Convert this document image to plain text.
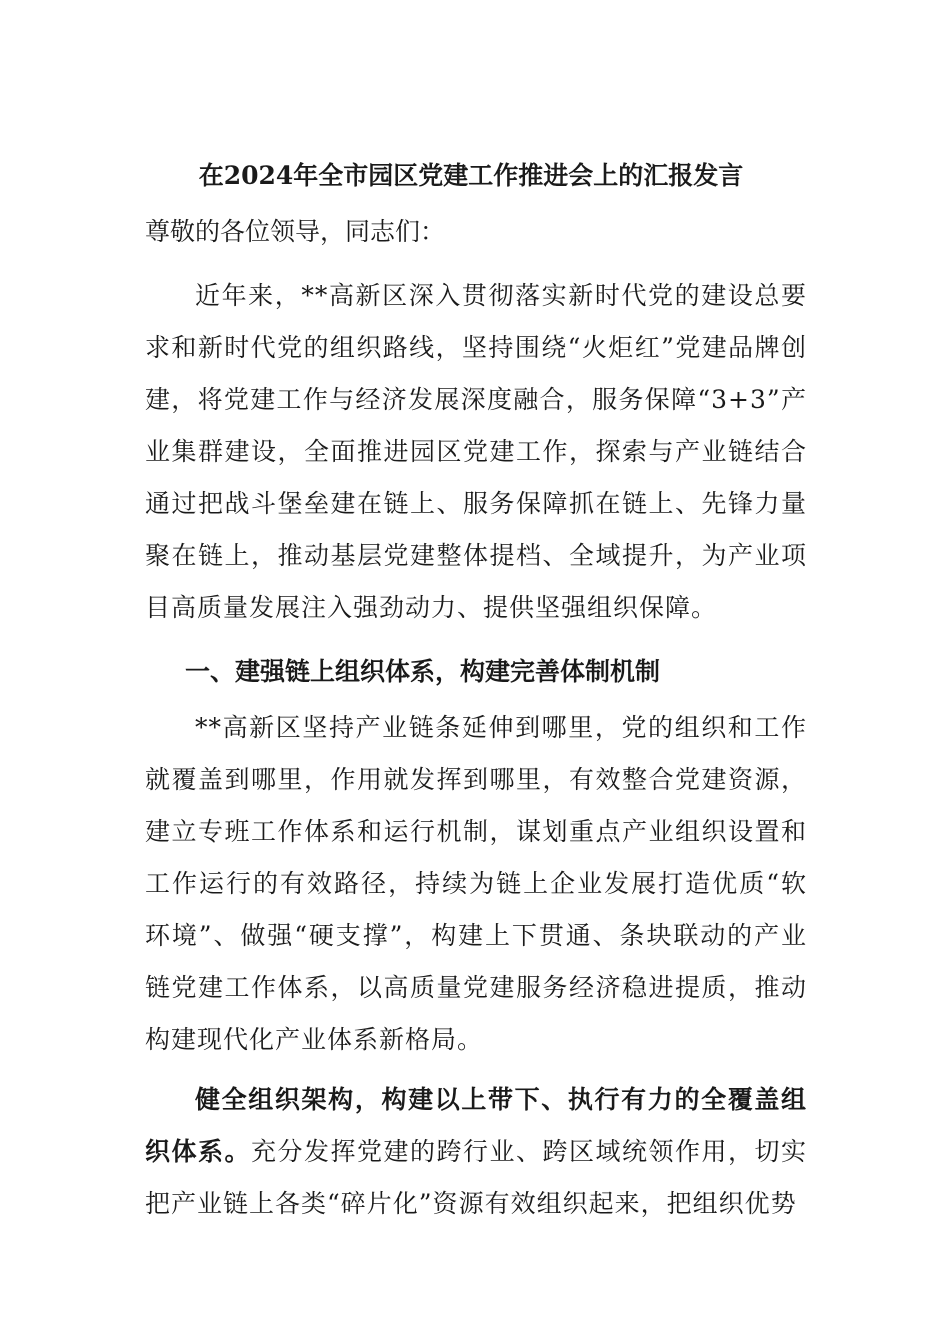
在2024年全市园区党建工作推进会上的汇报发言
尊敬的各位领导，同志们：

近年来，**高新区深入贯彻落实新时代党的建设总要求和新时代党的组织路线，坚持围绕“火炬红”党建品牌创建，将党建工作与经济发展深度融合，服务保障“3+3”产业集群建设，全面推进园区党建工作，探索与产业链结合通过把战斗堡垒建在链上、服务保障抓在链上、先锋力量聚在链上，推动基层党建整体提档、全域提升，为产业项目高质量发展注入强劲动力、提供坚强组织保障。

一、建强链上组织体系，构建完善体制机制

**高新区坚持产业链条延伸到哪里，党的组织和工作就覆盖到哪里，作用就发挥到哪里，有效整合党建资源，建立专班工作体系和运行机制，谋划重点产业组织设置和工作运行的有效路径，持续为链上企业发展打造优质“软环境”、做强“硬支撑”，构建上下贯通、条块联动的产业链党建工作体系，以高质量党建服务经济稳进提质，推动构建现代化产业体系新格局。

健全组织架构，构建以上带下、执行有力的全覆盖组织体系。充分发挥党建的跨行业、跨区域统领作用，切实把产业链上各类“碎片化”资源有效组织起来，把组织优势
